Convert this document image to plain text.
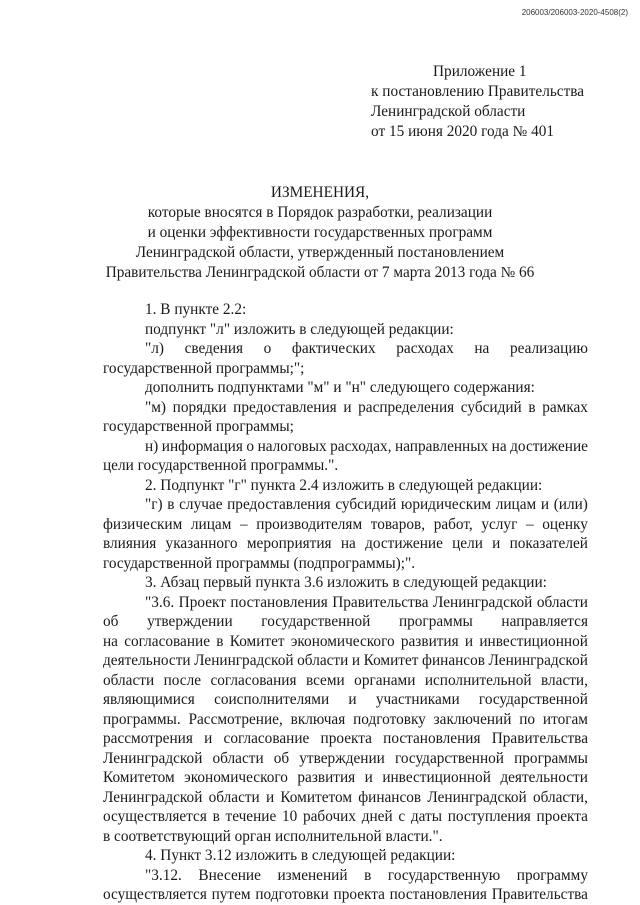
206003/206003-2020-4508(2)
Приложение 1
к постановлению Правительства
Ленинградской области
от 15 июня 2020 года № 401
ИЗМЕНЕНИЯ,
которые вносятся в Порядок разработки, реализации
и оценки эффективности государственных программ
Ленинградской области, утвержденный постановлением
Правительства Ленинградской области от 7 марта 2013 года № 66
1. В пункте 2.2:
подпункт "л" изложить в следующей редакции:
"л) сведения о фактических расходах на реализацию
государственной программы;";
дополнить подпунктами "м" и "н" следующего содержания:
"м) порядки предоставления и распределения субсидий в рамках
государственной программы;
н) информация о налоговых расходах, направленных на достижение
цели государственной программы.".
2. Подпункт "г" пункта 2.4 изложить в следующей редакции:
"г) в случае предоставления субсидий юридическим лицам и (или)
физическим лицам – производителям товаров, работ, услуг – оценку
влияния указанного мероприятия на достижение цели и показателей
государственной программы (подпрограммы);".
3. Абзац первый пункта 3.6 изложить в следующей редакции:
"3.6. Проект постановления Правительства Ленинградской области
об утверждении государственной программы направляется
на согласование в Комитет экономического развития и инвестиционной
деятельности Ленинградской области и Комитет финансов Ленинградской
области после согласования всеми органами исполнительной власти,
являющимися соисполнителями и участниками государственной
программы. Рассмотрение, включая подготовку заключений по итогам
рассмотрения и согласование проекта постановления Правительства
Ленинградской области об утверждении государственной программы
Комитетом экономического развития и инвестиционной деятельности
Ленинградской области и Комитетом финансов Ленинградской области,
осуществляется в течение 10 рабочих дней с даты поступления проекта
в соответствующий орган исполнительной власти.".
4. Пункт 3.12 изложить в следующей редакции:
"3.12. Внесение изменений в государственную программу
осуществляется путем подготовки проекта постановления Правительства
